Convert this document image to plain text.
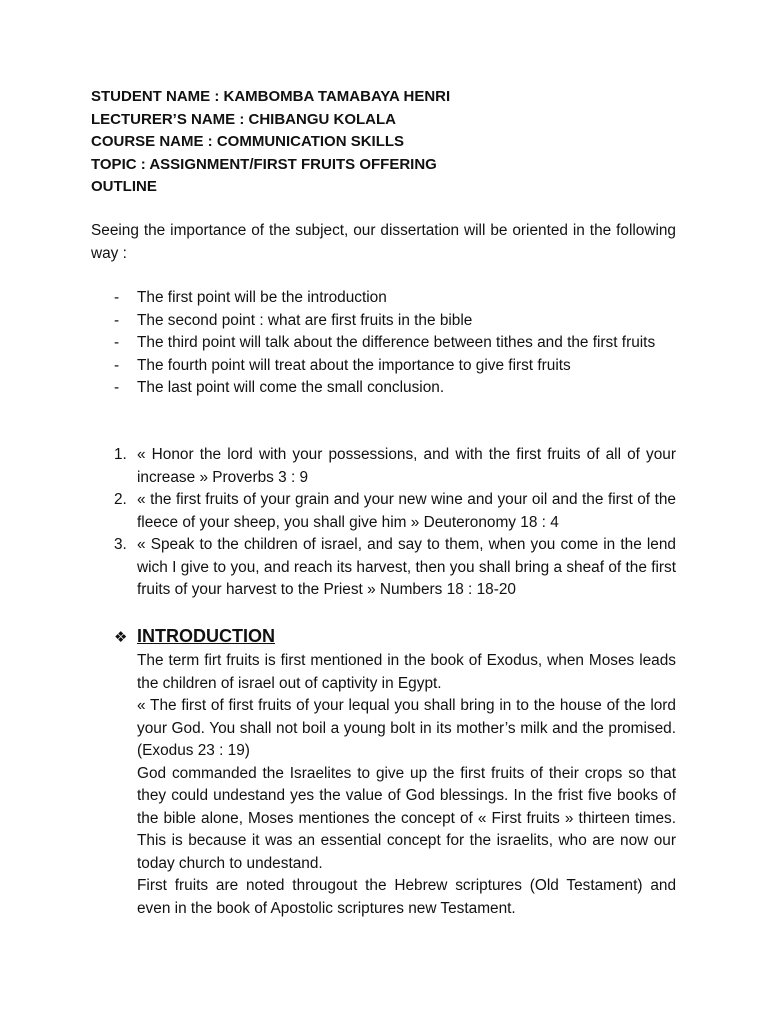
STUDENT NAME : KAMBOMBA TAMABAYA HENRI
LECTURER’S NAME : CHIBANGU KOLALA
COURSE NAME : COMMUNICATION SKILLS
TOPIC : ASSIGNMENT/FIRST FRUITS OFFERING
OUTLINE
Seeing the importance of the subject, our dissertation will be oriented in the following way :
- The first point will be the introduction
- The second point : what are first fruits in the bible
- The third point will talk about the difference between tithes and the first fruits
- The fourth point will treat about the importance to give first fruits
- The last point will come the small conclusion.
1. « Honor the lord with your possessions, and with the first fruits of all of your increase » Proverbs 3 : 9
2. « the first fruits of your grain and your new wine and your oil and the first of the fleece of your sheep, you shall give him » Deuteronomy 18 : 4
3. « Speak to the children of israel, and say to them, when you come in the lend wich I give to you, and reach its harvest, then you shall bring a sheaf of the first fruits of your harvest to the Priest » Numbers 18 : 18-20
❖ INTRODUCTION

The term firt fruits is first mentioned in the book of Exodus, when Moses leads the children of israel out of captivity in Egypt.

« The first of first fruits of your lequal you shall bring in to the house of the lord your God. You shall not boil a young bolt in its mother’s milk and the promised. (Exodus 23 : 19)

God commanded the Israelites to give up the first fruits of their crops so that they could undestand yes the value of God blessings. In the frist five books of the bible alone, Moses mentiones the concept of « First fruits » thirteen times. This is because it was an essential concept for the israelits, who are now our today church to undestand.

First fruits are noted througout the Hebrew scriptures (Old Testament) and even in the book of Apostolic scriptures new Testament.
